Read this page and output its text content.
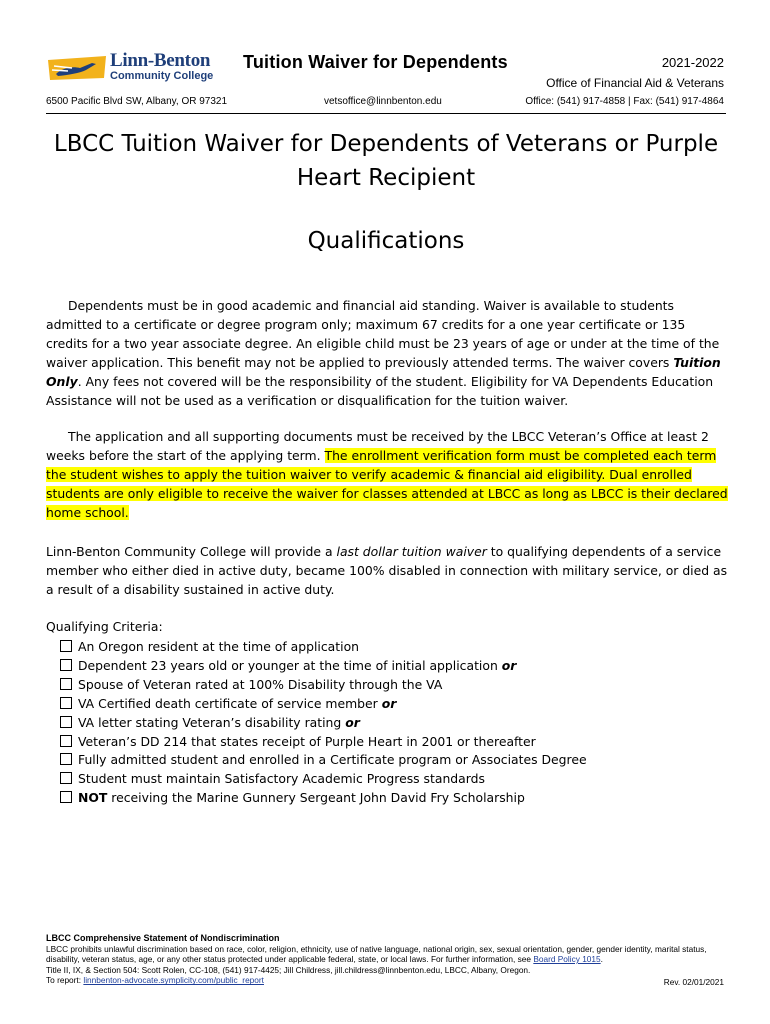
Linn-Benton
Community College
Tuition Waiver for Dependents	2021-2022
Office of Financial Aid & Veterans
6500 Pacific Blvd SW, Albany, OR 97321	vetsoffice@linnbenton.edu	Office: (541) 917-4858 | Fax: (541) 917-4864
LBCC Tuition Waiver for Dependents of Veterans or Purple
Heart Recipient
Qualifications
Dependents must be in good academic and financial aid standing. Waiver is available to students admitted to a certificate or degree program only; maximum 67 credits for a one year certificate or 135 credits for a two year associate degree. An eligible child must be 23 years of age or under at the time of the waiver application. This benefit may not be applied to previously attended terms. The waiver covers Tuition Only. Any fees not covered will be the responsibility of the student. Eligibility for VA Dependents Education Assistance will not be used as a verification or disqualification for the tuition waiver.
The application and all supporting documents must be received by the LBCC Veteran’s Office at least 2 weeks before the start of the applying term. The enrollment verification form must be completed each term the student wishes to apply the tuition waiver to verify academic & financial aid eligibility. Dual enrolled students are only eligible to receive the waiver for classes attended at LBCC as long as LBCC is their declared home school.
Linn-Benton Community College will provide a last dollar tuition waiver to qualifying dependents of a service member who either died in active duty, became 100% disabled in connection with military service, or died as a result of a disability sustained in active duty.
Qualifying Criteria:
An Oregon resident at the time of application
Dependent 23 years old or younger at the time of initial application or
Spouse of Veteran rated at 100% Disability through the VA
VA Certified death certificate of service member or
VA letter stating Veteran’s disability rating or
Veteran’s DD 214 that states receipt of Purple Heart in 2001 or thereafter
Fully admitted student and enrolled in a Certificate program or Associates Degree
Student must maintain Satisfactory Academic Progress standards
NOT receiving the Marine Gunnery Sergeant John David Fry Scholarship
LBCC Comprehensive Statement of Nondiscrimination
LBCC prohibits unlawful discrimination based on race, color, religion, ethnicity, use of native language, national origin, sex, sexual orientation, gender, gender identity, marital status, disability, veteran status, age, or any other status protected under applicable federal, state, or local laws. For further information, see Board Policy 1015.
Title II, IX, & Section 504: Scott Rolen, CC-108, (541) 917-4425; Jill Childress, jill.childress@linnbenton.edu, LBCC, Albany, Oregon.
To report: linnbenton-advocate.symplicity.com/public_report	Rev. 02/01/2021
